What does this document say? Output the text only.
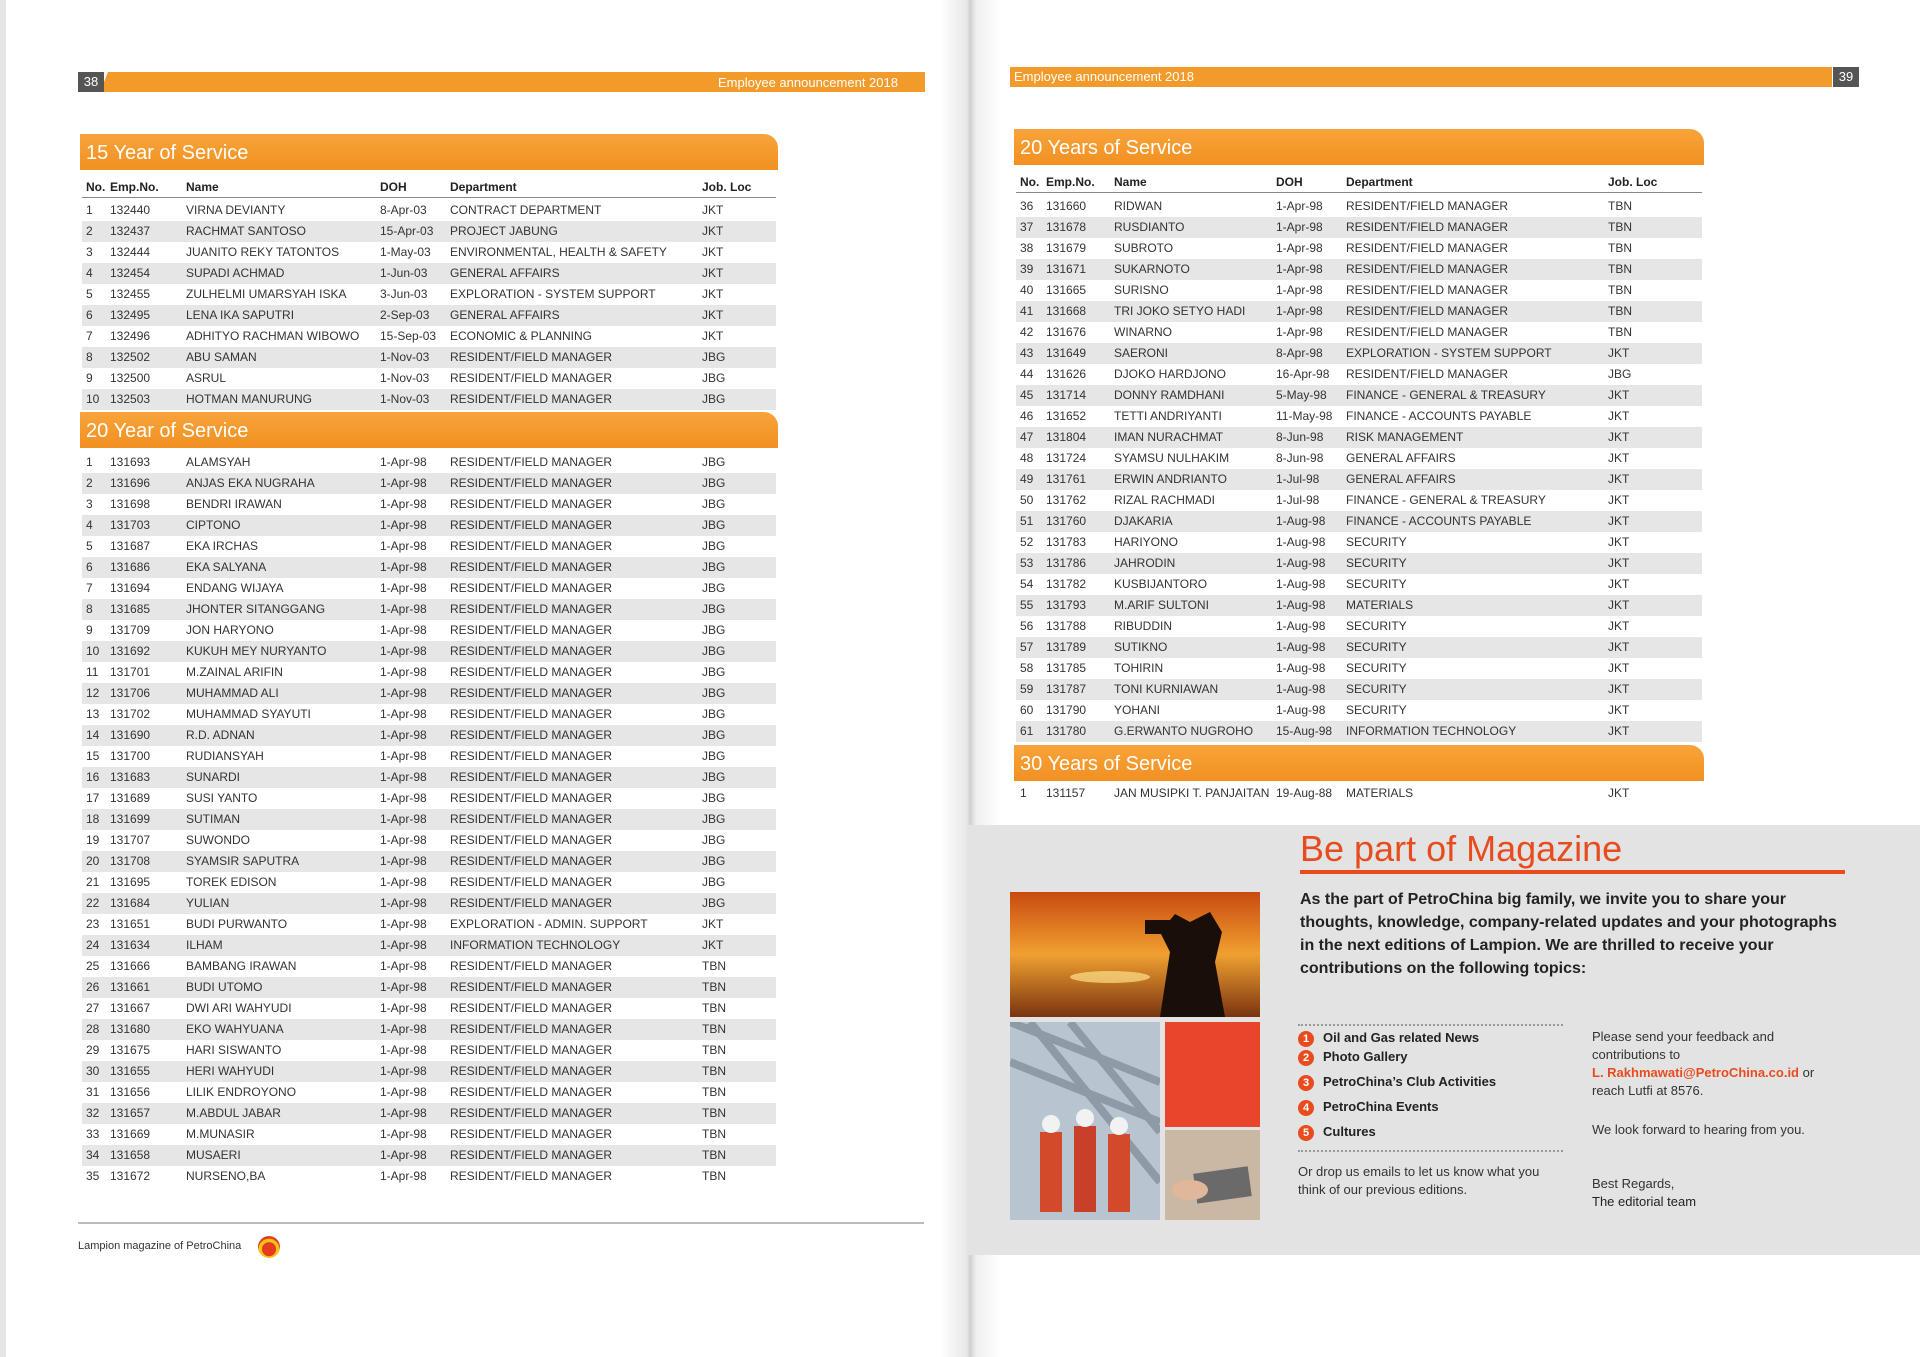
38	Employee announcement 2018	39
Employee announcement 2018
15 Year of Service
No. Emp.No. Name	DOH	Department	Job. Loc
1 132440	VIRNA DEVIANTY	8-Apr-03 CONTRACT DEPARTMENT	JKT
2 132437	RACHMAT SANTOSO	15-Apr-03 PROJECT JABUNG	JKT
3 132444	JUANITO REKY TATONTOS	1-May-03 ENVIRONMENTAL, HEALTH & SAFETY	JKT
4 132454	SUPADI ACHMAD	1-Jun-03 GENERAL AFFAIRS	JKT
5 132455	ZULHELMI UMARSYAH ISKA	3-Jun-03 EXPLORATION - SYSTEM SUPPORT	JKT
6 132495	LENA IKA SAPUTRI	2-Sep-03 GENERAL AFFAIRS	JKT
7 132496	ADHITYO RACHMAN WIBOWO 15-Sep-03 ECONOMIC & PLANNING	JKT
8 132502	ABU SAMAN	1-Nov-03 RESIDENT/FIELD MANAGER	JBG
9 132500	ASRUL	1-Nov-03 RESIDENT/FIELD MANAGER	JBG
10 132503	HOTMAN MANURUNG	1-Nov-03 RESIDENT/FIELD MANAGER	JBG
20 Year of Service
1 131693	ALAMSYAH	1-Apr-98 RESIDENT/FIELD MANAGER	JBG
2 131696	ANJAS EKA NUGRAHA	1-Apr-98 RESIDENT/FIELD MANAGER	JBG
3 131698	BENDRI IRAWAN	1-Apr-98 RESIDENT/FIELD MANAGER	JBG
4 131703	CIPTONO	1-Apr-98 RESIDENT/FIELD MANAGER	JBG
5 131687	EKA IRCHAS	1-Apr-98 RESIDENT/FIELD MANAGER	JBG
6 131686	EKA SALYANA	1-Apr-98 RESIDENT/FIELD MANAGER	JBG
7 131694	ENDANG WIJAYA	1-Apr-98 RESIDENT/FIELD MANAGER	JBG
8 131685	JHONTER SITANGGANG	1-Apr-98 RESIDENT/FIELD MANAGER	JBG
9 131709	JON HARYONO	1-Apr-98 RESIDENT/FIELD MANAGER	JBG
10 131692	KUKUH MEY NURYANTO	1-Apr-98 RESIDENT/FIELD MANAGER	JBG
11 131701	M.ZAINAL ARIFIN	1-Apr-98 RESIDENT/FIELD MANAGER	JBG
12 131706	MUHAMMAD ALI	1-Apr-98 RESIDENT/FIELD MANAGER	JBG
13 131702	MUHAMMAD SYAYUTI	1-Apr-98 RESIDENT/FIELD MANAGER	JBG
14 131690	R.D. ADNAN	1-Apr-98 RESIDENT/FIELD MANAGER	JBG
15 131700	RUDIANSYAH	1-Apr-98 RESIDENT/FIELD MANAGER	JBG
16 131683	SUNARDI	1-Apr-98 RESIDENT/FIELD MANAGER	JBG
17 131689	SUSI YANTO	1-Apr-98 RESIDENT/FIELD MANAGER	JBG
18 131699	SUTIMAN	1-Apr-98 RESIDENT/FIELD MANAGER	JBG
19 131707	SUWONDO	1-Apr-98 RESIDENT/FIELD MANAGER	JBG
20 131708	SYAMSIR SAPUTRA	1-Apr-98 RESIDENT/FIELD MANAGER	JBG
21 131695	TOREK EDISON	1-Apr-98 RESIDENT/FIELD MANAGER	JBG
22 131684	YULIAN	1-Apr-98 RESIDENT/FIELD MANAGER	JBG
23 131651	BUDI PURWANTO	1-Apr-98 EXPLORATION - ADMIN. SUPPORT	JKT
24 131634	ILHAM	1-Apr-98 INFORMATION TECHNOLOGY	JKT
25 131666	BAMBANG IRAWAN	1-Apr-98 RESIDENT/FIELD MANAGER	TBN
26 131661	BUDI UTOMO	1-Apr-98 RESIDENT/FIELD MANAGER	TBN
27 131667	DWI ARI WAHYUDI	1-Apr-98 RESIDENT/FIELD MANAGER	TBN
28 131680	EKO WAHYUANA	1-Apr-98 RESIDENT/FIELD MANAGER	TBN
29 131675	HARI SISWANTO	1-Apr-98 RESIDENT/FIELD MANAGER	TBN
30 131655	HERI WAHYUDI	1-Apr-98 RESIDENT/FIELD MANAGER	TBN
31 131656	LILIK ENDROYONO	1-Apr-98 RESIDENT/FIELD MANAGER	TBN
32 131657	M.ABDUL JABAR	1-Apr-98 RESIDENT/FIELD MANAGER	TBN
33 131669	M.MUNASIR	1-Apr-98 RESIDENT/FIELD MANAGER	TBN
34 131658	MUSAERI	1-Apr-98 RESIDENT/FIELD MANAGER	TBN
35 131672	NURSENO,BA	1-Apr-98 RESIDENT/FIELD MANAGER	TBN
Lampion magazine of PetroChina
20 Years of Service
No. Emp.No. Name	DOH	Department	Job. Loc
36 131660 RIDWAN	1-Apr-98 RESIDENT/FIELD MANAGER	TBN
37 131678 RUSDIANTO	1-Apr-98 RESIDENT/FIELD MANAGER	TBN
38 131679 SUBROTO	1-Apr-98 RESIDENT/FIELD MANAGER	TBN
39 131671 SUKARNOTO	1-Apr-98 RESIDENT/FIELD MANAGER	TBN
40 131665 SURISNO	1-Apr-98 RESIDENT/FIELD MANAGER	TBN
41 131668 TRI JOKO SETYO HADI	1-Apr-98 RESIDENT/FIELD MANAGER	TBN
42 131676 WINARNO	1-Apr-98 RESIDENT/FIELD MANAGER	TBN
43 131649 SAERONI	8-Apr-98 EXPLORATION - SYSTEM SUPPORT	JKT
44 131626 DJOKO HARDJONO	16-Apr-98 RESIDENT/FIELD MANAGER	JBG
45 131714 DONNY RAMDHANI	5-May-98 FINANCE - GENERAL & TREASURY	JKT
46 131652 TETTI ANDRIYANTI	11-May-98 FINANCE - ACCOUNTS PAYABLE	JKT
47 131804 IMAN NURACHMAT	8-Jun-98 RISK MANAGEMENT	JKT
48 131724 SYAMSU NULHAKIM	8-Jun-98 GENERAL AFFAIRS	JKT
49 131761 ERWIN ANDRIANTO	1-Jul-98 GENERAL AFFAIRS	JKT
50 131762 RIZAL RACHMADI	1-Jul-98 FINANCE - GENERAL & TREASURY	JKT
51 131760 DJAKARIA	1-Aug-98 FINANCE - ACCOUNTS PAYABLE	JKT
52 131783 HARIYONO	1-Aug-98 SECURITY	JKT
53 131786 JAHRODIN	1-Aug-98 SECURITY	JKT
54 131782 KUSBIJANTORO	1-Aug-98 SECURITY	JKT
55 131793 M.ARIF SULTONI	1-Aug-98 MATERIALS	JKT
56 131788 RIBUDDIN	1-Aug-98 SECURITY	JKT
57 131789 SUTIKNO	1-Aug-98 SECURITY	JKT
58 131785 TOHIRIN	1-Aug-98 SECURITY	JKT
59 131787 TONI KURNIAWAN	1-Aug-98 SECURITY	JKT
60 131790 YOHANI	1-Aug-98 SECURITY	JKT
61 131780 G.ERWANTO NUGROHO 15-Aug-98 INFORMATION TECHNOLOGY	JKT
30 Years of Service
1 131157 JAN MUSIPKI T. PANJAITAN 19-Aug-88 MATERIALS	JKT
Be part of Magazine
As the part of PetroChina big family, we invite you to share your thoughts, knowledge, company-related updates and your photographs in the next editions of Lampion. We are thrilled to receive your contributions on the following topics:
1 Oil and Gas related News
2 Photo Gallery
3 PetroChina’s Club Activities
4 PetroChina Events
5 Cultures
Or drop us emails to let us know what you think of our previous editions.
Please send your feedback and contributions to
L. Rakhmawati@PetroChina.co.id or
reach Lutfi at 8576.
We look forward to hearing from you.
Best Regards,
The editorial team
